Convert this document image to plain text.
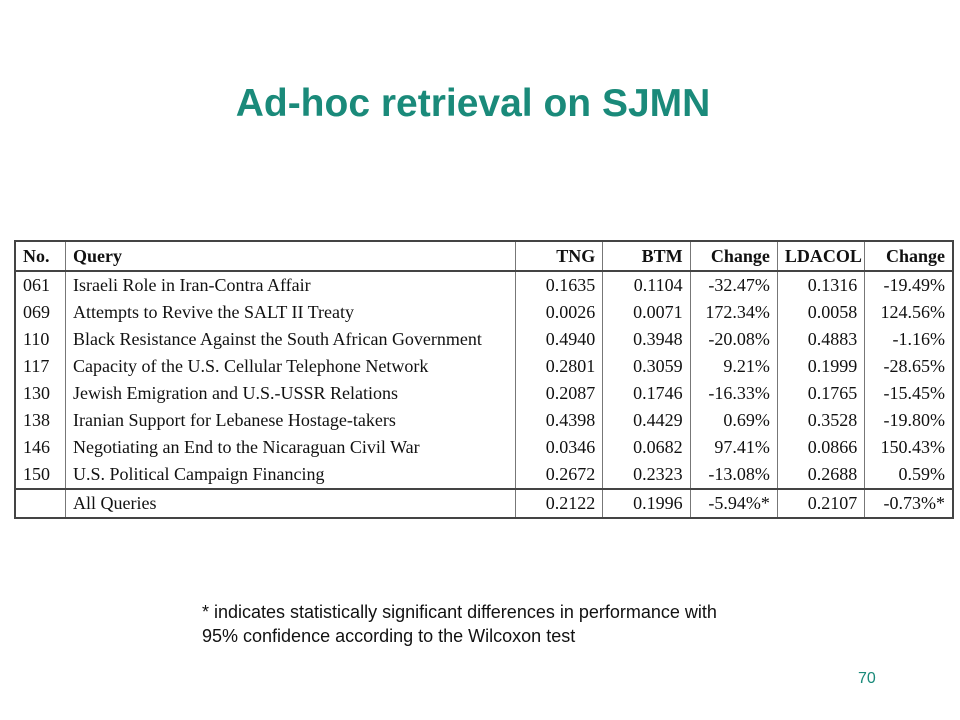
Ad-hoc retrieval on SJMN
No.	Query	TNG	BTM	Change	LDACOL	Change
061	Israeli Role in Iran-Contra Affair	0.1635	0.1104	-32.47%	0.1316	-19.49%
069	Attempts to Revive the SALT II Treaty	0.0026	0.0071	172.34%	0.0058	124.56%
110	Black Resistance Against the South African Government	0.4940	0.3948	-20.08%	0.4883	-1.16%
117	Capacity of the U.S. Cellular Telephone Network	0.2801	0.3059	9.21%	0.1999	-28.65%
130	Jewish Emigration and U.S.-USSR Relations	0.2087	0.1746	-16.33%	0.1765	-15.45%
138	Iranian Support for Lebanese Hostage-takers	0.4398	0.4429	0.69%	0.3528	-19.80%
146	Negotiating an End to the Nicaraguan Civil War	0.0346	0.0682	97.41%	0.0866	150.43%
150	U.S. Political Campaign Financing	0.2672	0.2323	-13.08%	0.2688	0.59%
	All Queries	0.2122	0.1996	-5.94%*	0.2107	-0.73%*

* indicates statistically significant differences in performance with 95% confidence according to the Wilcoxon test

70
